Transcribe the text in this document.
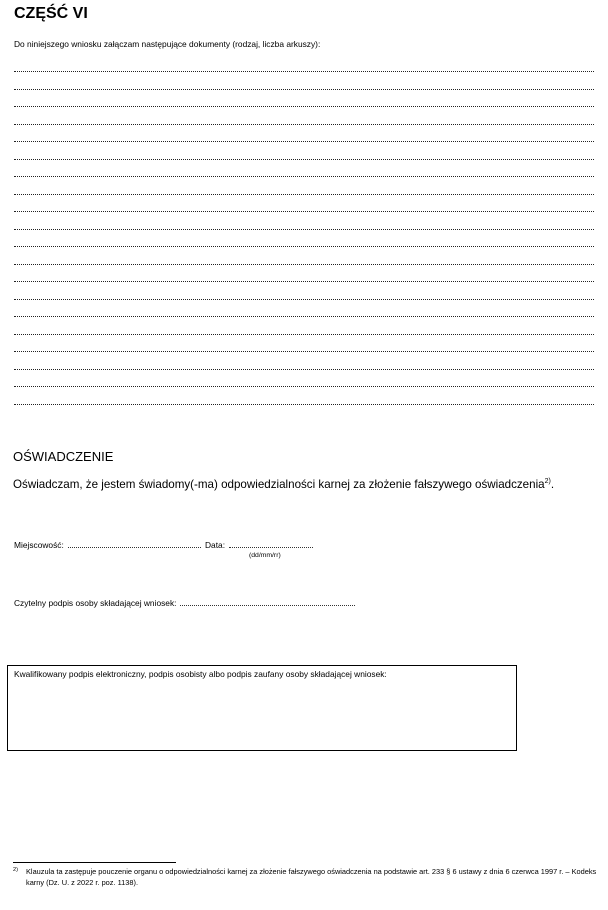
CZĘŚĆ VI
Do niniejszego wniosku załączam następujące dokumenty (rodzaj, liczba arkuszy):
OŚWIADCZENIE
Oświadczam, że jestem świadomy(-ma) odpowiedzialności karnej za złożenie fałszywego oświadczenia$^{2)}$.
Miejscowość:	Data:
(dd/mm/rr)
Czytelny podpis osoby składającej wniosek:
Kwalifikowany podpis elektroniczny, podpis osobisty albo podpis zaufany osoby składającej wniosek:
2) Klauzula ta zastępuje pouczenie organu o odpowiedzialności karnej za złożenie fałszywego oświadczenia na podstawie art. 233 § 6 ustawy z dnia 6 czerwca 1997 r. – Kodeks karny (Dz. U. z 2022 r. poz. 1138).
